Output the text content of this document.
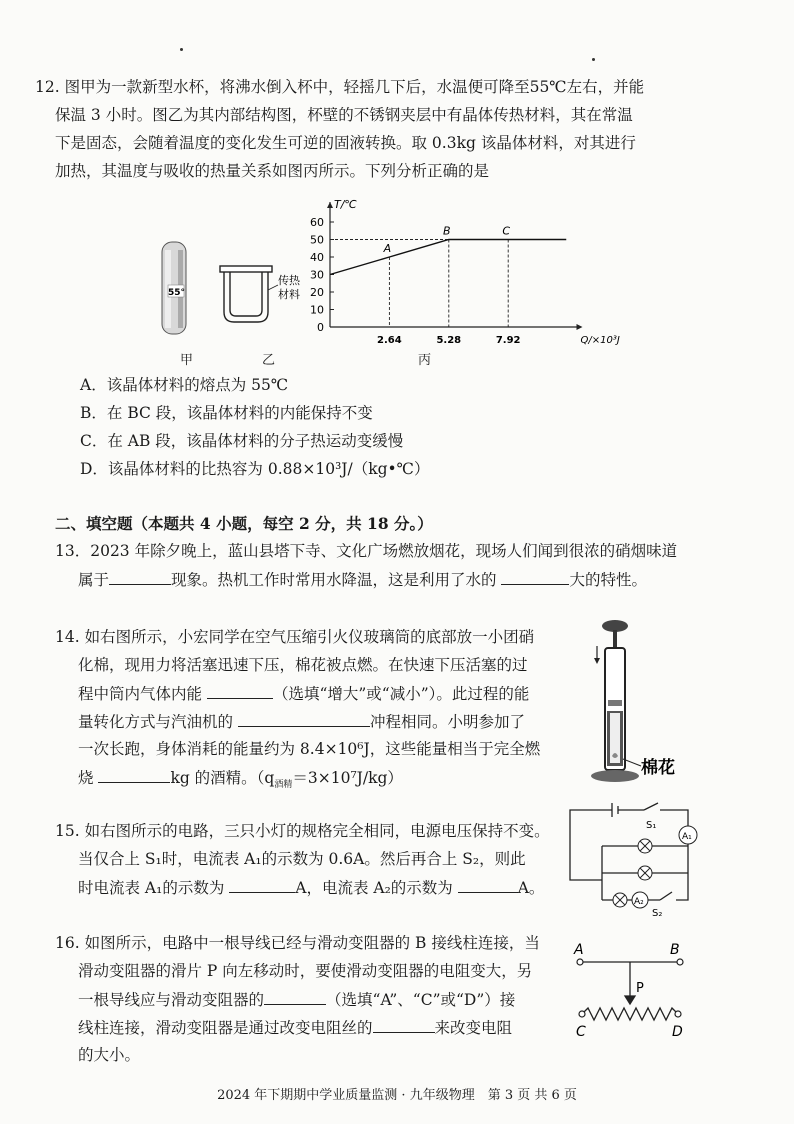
12. 图甲为一款新型水杯，将沸水倒入杯中，轻摇几下后，水温便可降至55℃左右，并能
保温 3 小时。图乙为其内部结构图，杯壁的不锈钢夹层中有晶体传热材料，其在常温
下是固态，会随着温度的变化发生可逆的固液转换。取 0.3kg 该晶体材料，对其进行
加热，其温度与吸收的热量关系如图丙所示。下列分析正确的是
55°
传热
材料
T/℃
Q/×10³J
0
10
20
30
40
50
60
2.64	5.28	7.92
A
B	C
甲	乙	丙
A．该晶体材料的熔点为 55℃
B．在 BC 段，该晶体材料的内能保持不变
C．在 AB 段，该晶体材料的分子热运动变缓慢
D．该晶体材料的比热容为 0.88×10³J/（kg•℃）
二、填空题（本题共 4 小题，每空 2 分，共 18 分。）
13．2023 年除夕晚上，蓝山县塔下寺、文化广场燃放烟花，现场人们闻到很浓的硝烟味道
属于	现象。热机工作时常用水降温，这是利用了水的	大的特性。
14. 如右图所示，小宏同学在空气压缩引火仪玻璃筒的底部放一小团硝
化棉，现用力将活塞迅速下压，棉花被点燃。在快速下压活塞的过
程中筒内气体内能	（选填“增大”或“减小”）。此过程的能
量转化方式与汽油机的	冲程相同。小明参加了
一次长跑，身体消耗的能量约为 8.4×10⁶J，这些能量相当于完全燃
烧	kg 的酒精。$(q_{酒精}=3\times 10^7J/kg)$	棉花
15. 如右图所示的电路，三只小灯的规格完全相同，电源电压保持不变。
当仅合上 S₁时，电流表 A₁的示数为 0.6A。然后再合上 S₂，则此
时电流表 A₁的示数为	A，电流表 A₂的示数为	A。
A₁
A₂
S₁
S₂
16. 如图所示，电路中一根导线已经与滑动变阻器的 B 接线柱连接，当
滑动变阻器的滑片 P 向左移动时，要使滑动变阻器的电阻变大，另
一根导线应与滑动变阻器的	（选填“A”、“C”或“D”）接
线柱连接，滑动变阻器是通过改变电阻丝的	来改变电阻
的大小。
A	B
P
C	D
2024 年下期期中学业质量监测 · 九年级物理　第 3 页 共 6 页
